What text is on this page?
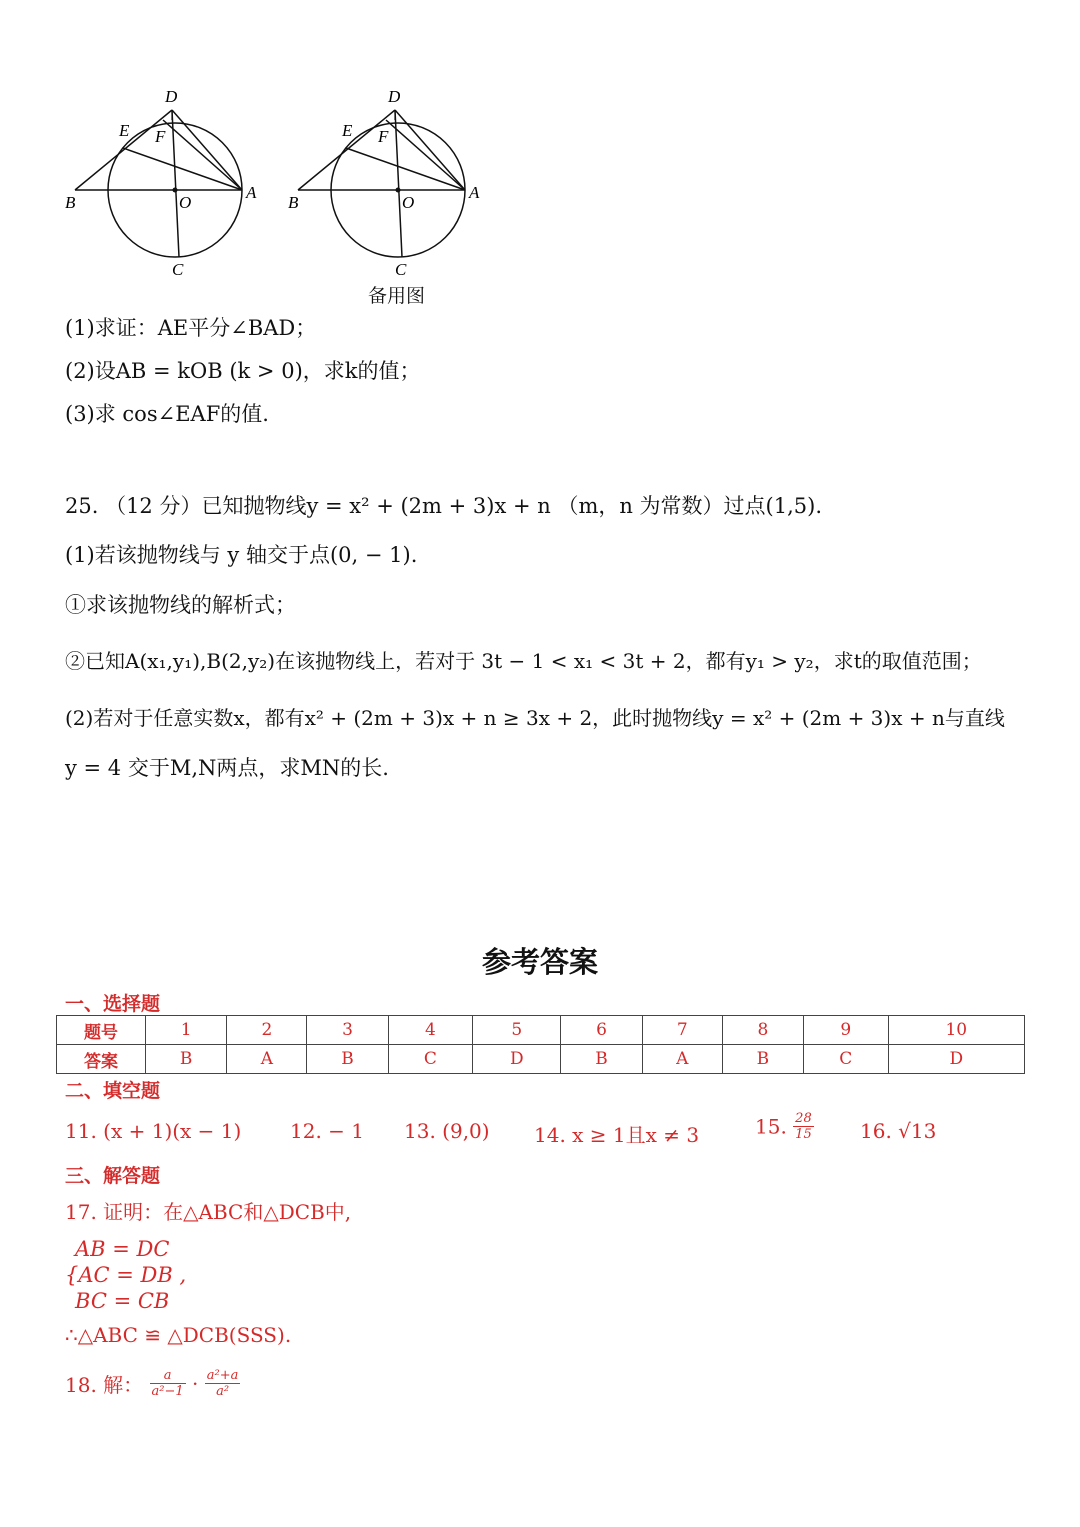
D
E F
B	O
A
C
D
E F
B	O
A
C
备用图
(1)求证：AE平分∠BAD；
(2)设AB = kOB (k > 0)，求k的值；
(3)求 cos∠EAF的值.
25. （12 分）已知抛物线y = x² + (2m + 3)x + n （m，n 为常数）过点(1,5).
(1)若该抛物线与 y 轴交于点(0, − 1).
①求该抛物线的解析式；
②已知A(x₁,y₁),B(2,y₂)在该抛物线上，若对于 3t − 1 < x₁ < 3t + 2，都有y₁ > y₂，求t的取值范围；
(2)若对于任意实数x，都有x² + (2m + 3)x + n ≥ 3x + 2，此时抛物线y = x² + (2m + 3)x + n与直线
y = 4 交于M,N两点，求MN的长.
参考答案
一、选择题
题号	1	2	3	4	5	6	7	8	9	10
答案	B	A	B	C	D	B	A	B	C	D
二、填空题
11. (x + 1)(x − 1) 12. − 1 13. (9,0) 14. x ≥ 1且x ≠ 3	15. $\frac{28}{15} 16$. √13
三、解答题
17. 证明：在△ABC和△DCB中,
AB = DC
{AC = DB ,
BC = CB
∴△ABC ≌ △DCB(SSS).
18. 解： $\frac{a}{\text{a²−1}} \cdot \frac{\text{a²+a}}{\text{a²}}$
